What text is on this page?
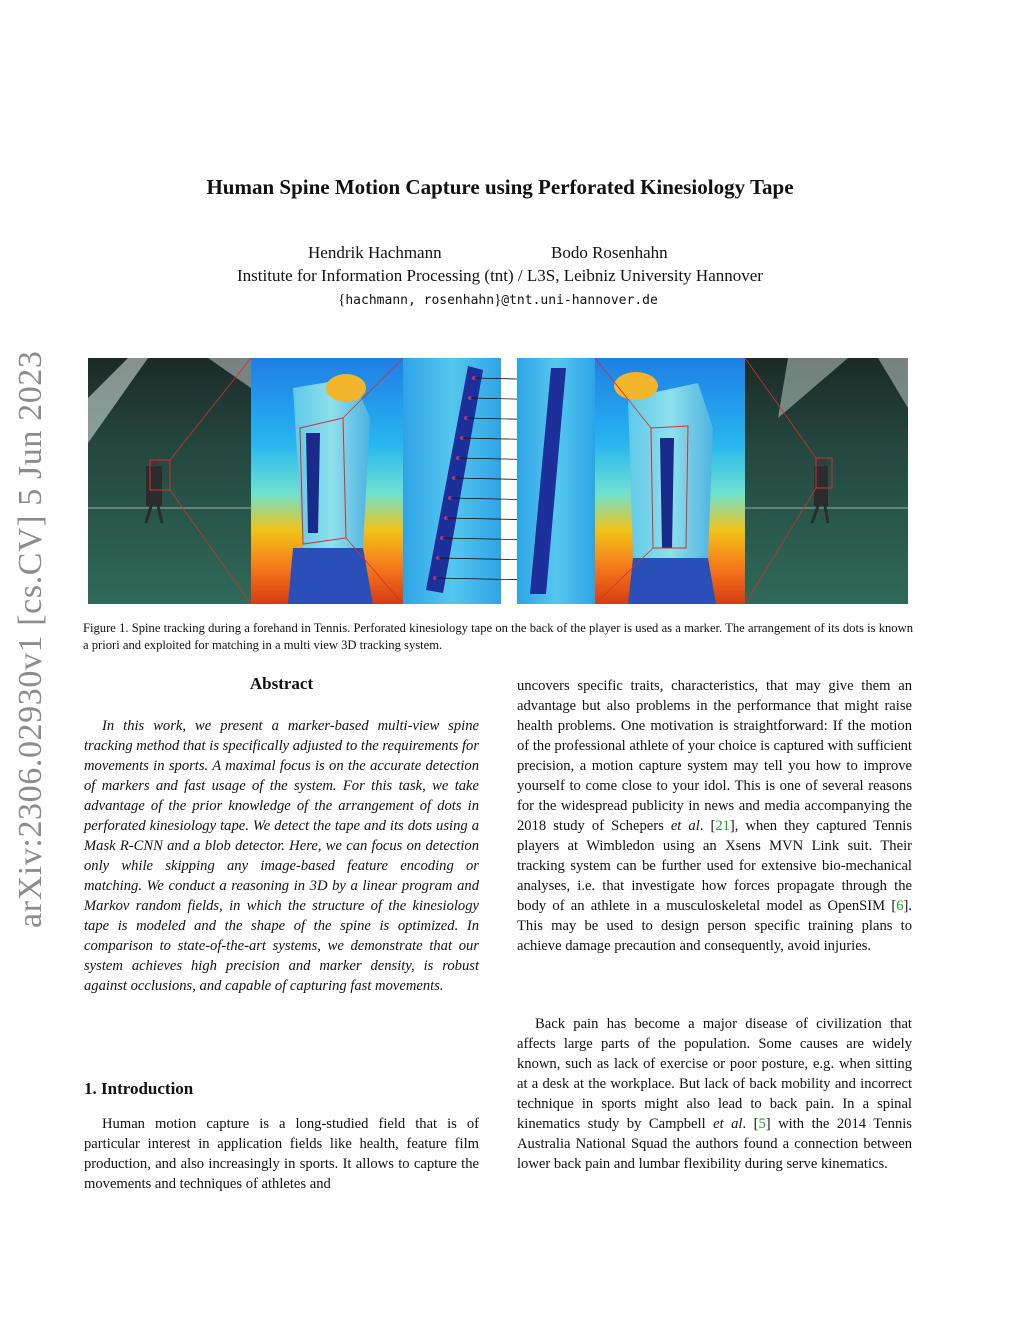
arXiv:2306.02930v1 [cs.CV] 5 Jun 2023
Human Spine Motion Capture using Perforated Kinesiology Tape
Hendrik Hachmann	Bodo Rosenhahn
Institute for Information Processing (tnt) / L3S, Leibniz University Hannover
{hachmann, rosenhahn}@tnt.uni-hannover.de
Figure 1. Spine tracking during a forehand in Tennis. Perforated kinesiology tape on the back of the player is used as a marker. The arrangement of its dots is known a priori and exploited for matching in a multi view 3D tracking system.
Abstract
In this work, we present a marker-based multi-view spine tracking method that is specifically adjusted to the requirements for movements in sports. A maximal focus is on the accurate detection of markers and fast usage of the system. For this task, we take advantage of the prior knowledge of the arrangement of dots in perforated kinesiology tape. We detect the tape and its dots using a Mask R-CNN and a blob detector. Here, we can focus on detection only while skipping any image-based feature encoding or matching. We conduct a reasoning in 3D by a linear program and Markov random fields, in which the structure of the kinesiology tape is modeled and the shape of the spine is optimized. In comparison to state-of-the-art systems, we demonstrate that our system achieves high precision and marker density, is robust against occlusions, and capable of capturing fast movements.
1. Introduction
Human motion capture is a long-studied field that is of particular interest in application fields like health, feature film production, and also increasingly in sports. It allows to capture the movements and techniques of athletes and
uncovers specific traits, characteristics, that may give them an advantage but also problems in the performance that might raise health problems. One motivation is straightforward: If the motion of the professional athlete of your choice is captured with sufficient precision, a motion capture system may tell you how to improve yourself to come close to your idol. This is one of several reasons for the widespread publicity in news and media accompanying the 2018 study of Schepers et al. [21], when they captured Tennis players at Wimbledon using an Xsens MVN Link suit. Their tracking system can be further used for extensive bio-mechanical analyses, i.e. that investigate how forces propagate through the body of an athlete in a musculoskeletal model as OpenSIM [6]. This may be used to design person specific training plans to achieve damage precaution and consequently, avoid injuries.
Back pain has become a major disease of civilization that affects large parts of the population. Some causes are widely known, such as lack of exercise or poor posture, e.g. when sitting at a desk at the workplace. But lack of back mobility and incorrect technique in sports might also lead to back pain. In a spinal kinematics study by Campbell et al. [5] with the 2014 Tennis Australia National Squad the authors found a connection between lower back pain and lumbar flexibility during serve kinematics.
